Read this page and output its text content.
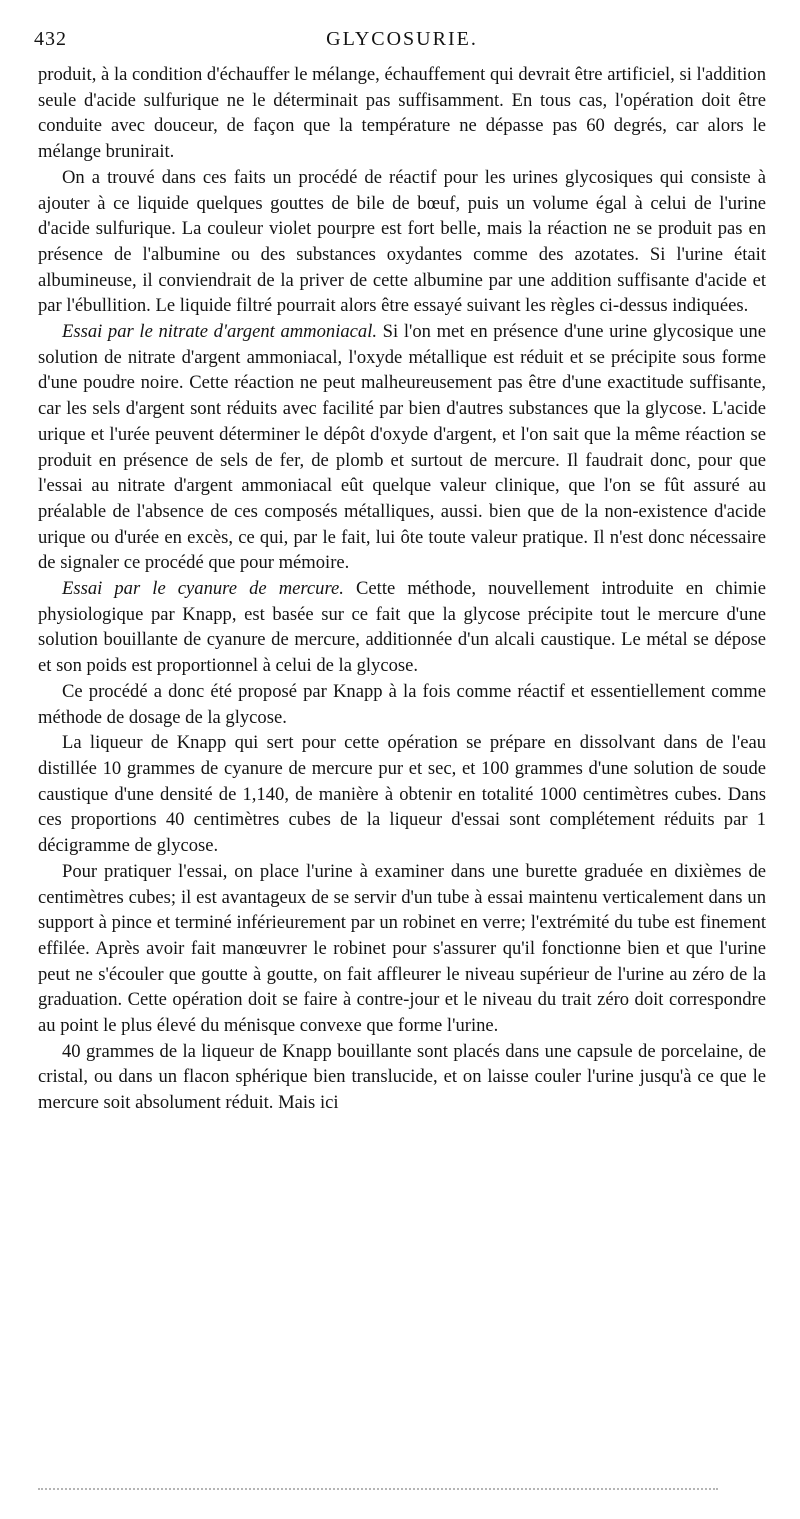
432	GLYCOSURIE.

produit, à la condition d'échauffer le mélange, échauffement qui devrait être artificiel, si l'addition seule d'acide sulfurique ne le déterminait pas suffisamment. En tous cas, l'opération doit être conduite avec douceur, de façon que la température ne dépasse pas 60 degrés, car alors le mélange brunirait.

On a trouvé dans ces faits un procédé de réactif pour les urines glycosiques qui consiste à ajouter à ce liquide quelques gouttes de bile de bœuf, puis un volume égal à celui de l'urine d'acide sulfurique. La couleur violet pourpre est fort belle, mais la réaction ne se produit pas en présence de l'albumine ou des substances oxydantes comme des azotates. Si l'urine était albumineuse, il conviendrait de la priver de cette albumine par une addition suffisante d'acide et par l'ébullition. Le liquide filtré pourrait alors être essayé suivant les règles ci-dessus indiquées.

Essai par le nitrate d'argent ammoniacal. Si l'on met en présence d'une urine glycosique une solution de nitrate d'argent ammoniacal, l'oxyde métallique est réduit et se précipite sous forme d'une poudre noire. Cette réaction ne peut malheureusement pas être d'une exactitude suffisante, car les sels d'argent sont réduits avec facilité par bien d'autres substances que la glycose. L'acide urique et l'urée peuvent déterminer le dépôt d'oxyde d'argent, et l'on sait que la même réaction se produit en présence de sels de fer, de plomb et surtout de mercure. Il faudrait donc, pour que l'essai au nitrate d'argent ammoniacal eût quelque valeur clinique, que l'on se fût assuré au préalable de l'absence de ces composés métalliques, aussi. bien que de la non-existence d'acide urique ou d'urée en excès, ce qui, par le fait, lui ôte toute valeur pratique. Il n'est donc nécessaire de signaler ce procédé que pour mémoire.

Essai par le cyanure de mercure. Cette méthode, nouvellement introduite en chimie physiologique par Knapp, est basée sur ce fait que la glycose précipite tout le mercure d'une solution bouillante de cyanure de mercure, additionnée d'un alcali caustique. Le métal se dépose et son poids est proportionnel à celui de la glycose.

Ce procédé a donc été proposé par Knapp à la fois comme réactif et essentiellement comme méthode de dosage de la glycose.

La liqueur de Knapp qui sert pour cette opération se prépare en dissolvant dans de l'eau distillée 10 grammes de cyanure de mercure pur et sec, et 100 grammes d'une solution de soude caustique d'une densité de 1,140, de manière à obtenir en totalité 1000 centimètres cubes. Dans ces proportions 40 centimètres cubes de la liqueur d'essai sont complétement réduits par 1 décigramme de glycose.

Pour pratiquer l'essai, on place l'urine à examiner dans une burette graduée en dixièmes de centimètres cubes; il est avantageux de se servir d'un tube à essai maintenu verticalement dans un support à pince et terminé inférieurement par un robinet en verre; l'extrémité du tube est finement effilée. Après avoir fait manœuvrer le robinet pour s'assurer qu'il fonctionne bien et que l'urine peut ne s'écouler que goutte à goutte, on fait affleurer le niveau supérieur de l'urine au zéro de la graduation. Cette opération doit se faire à contre-jour et le niveau du trait zéro doit correspondre au point le plus élevé du ménisque convexe que forme l'urine.

40 grammes de la liqueur de Knapp bouillante sont placés dans une capsule de porcelaine, de cristal, ou dans un flacon sphérique bien translucide, et on laisse couler l'urine jusqu'à ce que le mercure soit absolument réduit. Mais ici
